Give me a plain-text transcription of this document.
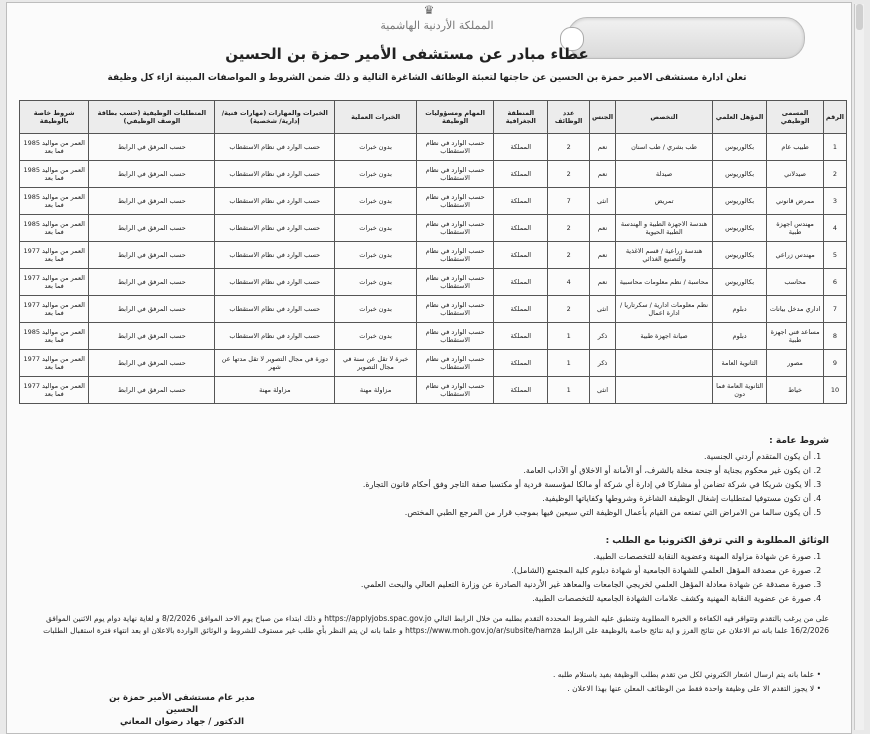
♛
المملكة الأردنية الهاشمية
عطاء مبادر عن مستشفى الأمير حمزة بن الحسين
تعلن ادارة مستشفى الامير حمزة بن الحسين عن حاجتها لتعبئة الوظائف الشاغرة التالية و ذلك ضمن الشروط و المواصفات المبينة ازاء كل وظيفة
الرقم	المسمى الوظيفي	المؤهل العلمي	التخصص	الجنس	عدد الوظائف	المنطقة الجغرافية	المهام ومسؤوليات الوظيفة	الخبرات العملية	الخبرات والمهارات (مهارات فنية/ إدارية/ شخصية)	المتطلبات الوظيفية (حسب بطاقة الوصف الوظيفي)	شروط خاصة بالوظيفة
1	طبيب عام	بكالوريوس	طب بشري / طب اسنان	نعم	2	المملكة	حسب الوارد في نظام الاستقطاب	بدون خبرات	حسب الوارد في نظام الاستقطاب	حسب المرفق في الرابط	العمر من مواليد 1985 فما بعد
2	صيدلاني	بكالوريوس	صيدلة	نعم	2	المملكة	حسب الوارد في نظام الاستقطاب	بدون خبرات	حسب الوارد في نظام الاستقطاب	حسب المرفق في الرابط	العمر من مواليد 1985 فما بعد
3	ممرض قانوني	بكالوريوس	تمريض	انثى	7	المملكة	حسب الوارد في نظام الاستقطاب	بدون خبرات	حسب الوارد في نظام الاستقطاب	حسب المرفق في الرابط	العمر من مواليد 1985 فما بعد
4	مهندس اجهزة طبية	بكالوريوس	هندسة الاجهزة الطبية و الهندسة الطبية الحيوية	نعم	2	المملكة	حسب الوارد في نظام الاستقطاب	بدون خبرات	حسب الوارد في نظام الاستقطاب	حسب المرفق في الرابط	العمر من مواليد 1985 فما بعد
5	مهندس زراعي	بكالوريوس	هندسة زراعية / قسم الاغذية والتصنيع الغذائي	نعم	2	المملكة	حسب الوارد في نظام الاستقطاب	بدون خبرات	حسب الوارد في نظام الاستقطاب	حسب المرفق في الرابط	العمر من مواليد 1977 فما بعد
6	محاسب	بكالوريوس	محاسبة / نظم معلومات محاسبية	نعم	4	المملكة	حسب الوارد في نظام الاستقطاب	بدون خبرات	حسب الوارد في نظام الاستقطاب	حسب المرفق في الرابط	العمر من مواليد 1977 فما بعد
7	اداري مدخل بيانات	دبلوم	نظم معلومات ادارية / سكرتاريا / ادارة اعمال	انثى	2	المملكة	حسب الوارد في نظام الاستقطاب	بدون خبرات	حسب الوارد في نظام الاستقطاب	حسب المرفق في الرابط	العمر من مواليد 1977 فما بعد
8	مساعد فني اجهزة طبية	دبلوم	صيانة اجهزة طبية	ذكر	1	المملكة	حسب الوارد في نظام الاستقطاب	بدون خبرات	حسب الوارد في نظام الاستقطاب	حسب المرفق في الرابط	العمر من مواليد 1985 فما بعد
9	مصور	الثانوية العامة		ذكر	1	المملكة	حسب الوارد في نظام الاستقطاب	خبرة لا تقل عن سنة في مجال التصوير	دورة في مجال التصوير لا تقل مدتها عن شهر	حسب المرفق في الرابط	العمر من مواليد 1977 فما بعد
10	خياط	الثانوية العامة فما دون		انثى	1	المملكة	حسب الوارد في نظام الاستقطاب	مزاولة مهنة	مزاولة مهنة	حسب المرفق في الرابط	العمر من مواليد 1977 فما بعد
شروط عامة :
1. أن يكون المتقدم أردني الجنسية.
2. ان يكون غير محكوم بجناية أو جنحة مخلة بالشرف، أو الأمانة أو الاخلاق أو الآداب العامة.
3. ألا يكون شريكا في شركة تضامن أو مشاركا في إدارة أي شركة أو مالكا لمؤسسة فردية أو مكتسبا صفة التاجر وفق أحكام قانون التجارة.
4. أن تكون مستوفيا لمتطلبات إشغال الوظيفة الشاغرة وشروطها وكفاياتها الوظيفية.
5. أن يكون سالما من الامراض التي تمنعه من القيام بأعمال الوظيفة التي سيعين فيها بموجب قرار من المرجع الطبي المختص.
الوثائق المطلوبة و التي ترفق الكترونيا مع الطلب :
1. صورة عن شهادة مزاولة المهنة وعضوية النقابة للتخصصات الطبية.
2. صورة عن مصدقة المؤهل العلمي للشهادة الجامعية أو شهادة دبلوم كلية المجتمع (الشامل).
3. صورة مصدقة عن شهادة معادلة المؤهل العلمي لخريجي الجامعات والمعاهد غير الأردنية الصادرة عن وزارة التعليم العالي والبحث العلمي.
4. صورة عن عضوية النقابة المهنية وكشف علامات الشهادة الجامعية للتخصصات الطبية.
على من يرغب بالتقدم وتتوافر فيه الكفاءة و الخبرة المطلوبة وتنطبق عليه الشروط المحددة التقدم بطلبه من خلال الرابط التالي https://applyjobs.spac.gov.jo و ذلك ابتداء من صباح يوم الاحد الموافق 8/2/2026 و لغاية نهاية دوام يوم الاثنين الموافق 16/2/2026 علما بانه تم الاعلان عن نتائج الفرز و اية نتائج خاصة بالوظيفة على الرابط https://www.moh.gov.jo/ar/subsite/hamza و علما بانه لن يتم النظر بأي طلب غير مستوف للشروط و الوثائق الواردة بالاعلان او بعد انتهاء فترة استقبال الطلبات
• علما بانه يتم ارسال اشعار الكتروني لكل من تقدم بطلب الوظيفة بفيد باستلام طلبه .
• لا يجوز التقدم الا على وظيفة واحدة فقط من الوظائف المعلن عنها بهذا الاعلان .
مدير عام مستشفى الأمير حمزة بن الحسين
الدكتور / جهاد رضوان المعاني
